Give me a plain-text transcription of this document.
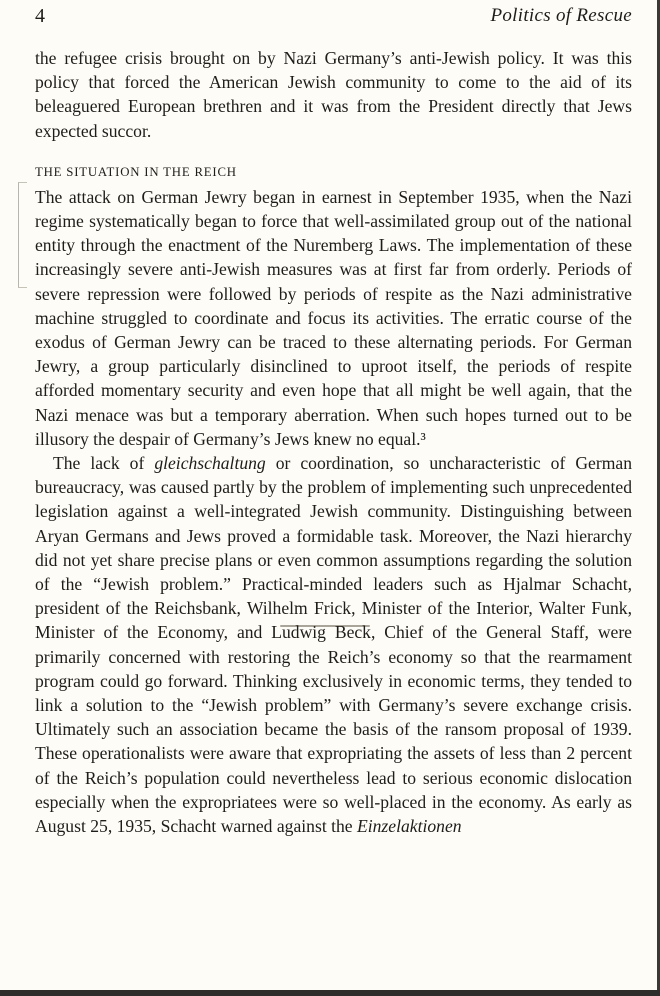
4	Politics of Rescue

the refugee crisis brought on by Nazi Germany’s anti-Jewish policy. It was this policy that forced the American Jewish community to come to the aid of its beleaguered European brethren and it was from the President directly that Jews expected succor.

THE SITUATION IN THE REICH

The attack on German Jewry began in earnest in September 1935, when the Nazi regime systematically began to force that well-assimilated group out of the national entity through the enactment of the Nuremberg Laws. The implementation of these increasingly severe anti-Jewish measures was at first far from orderly. Periods of severe repression were followed by periods of respite as the Nazi administrative machine struggled to coordinate and focus its activities. The erratic course of the exodus of German Jewry can be traced to these alternating periods. For German Jewry, a group particularly disinclined to uproot itself, the periods of respite afforded momentary security and even hope that all might be well again, that the Nazi menace was but a temporary aberration. When such hopes turned out to be illusory the despair of Germany’s Jews knew no equal.³

The lack of gleichschaltung or coordination, so uncharacteristic of German bureaucracy, was caused partly by the problem of implementing such unprecedented legislation against a well-integrated Jewish community. Distinguishing between Aryan Germans and Jews proved a formidable task. Moreover, the Nazi hierarchy did not yet share precise plans or even common assumptions regarding the solution of the “Jewish problem.” Practical-minded leaders such as Hjalmar Schacht, president of the Reichsbank, Wilhelm Frick, Minister of the Interior, Walter Funk, Minister of the Economy, and Ludwig Beck, Chief of the General Staff, were primarily concerned with restoring the Reich’s economy so that the rearmament program could go forward. Thinking exclusively in economic terms, they tended to link a solution to the “Jewish problem” with Germany’s severe exchange crisis. Ultimately such an association became the basis of the ransom proposal of 1939. These operationalists were aware that expropriating the assets of less than 2 percent of the Reich’s population could nevertheless lead to serious economic dislocation especially when the expropriatees were so well-placed in the economy. As early as August 25, 1935, Schacht warned against the Einzelaktionen
